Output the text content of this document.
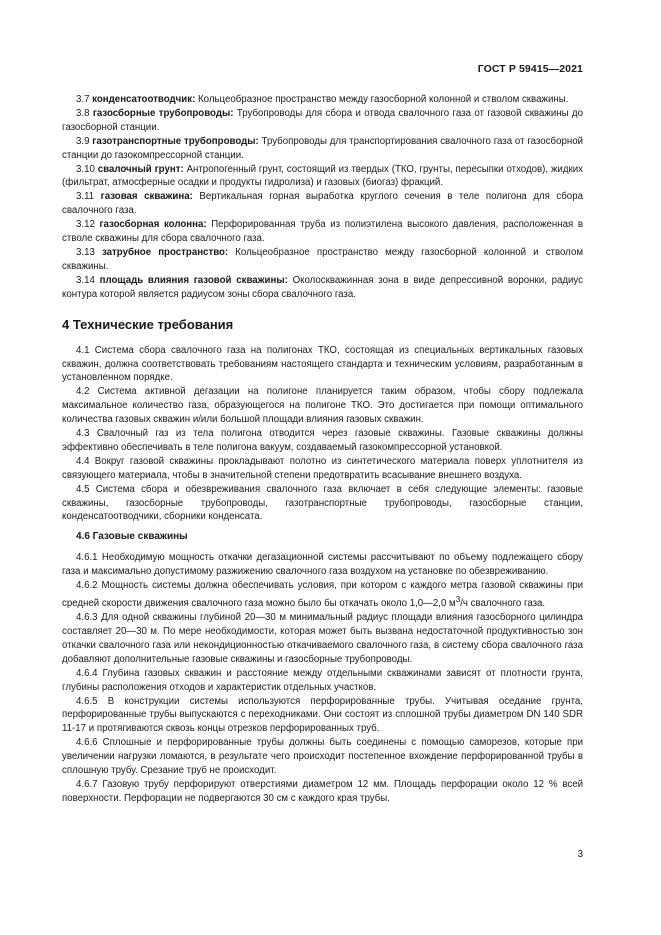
ГОСТ Р 59415—2021

3.7 конденсатоотводчик: Кольцеобразное пространство между газосборной колонной и стволом скважины.

3.8 газосборные трубопроводы: Трубопроводы для сбора и отвода свалочного газа от газовой скважины до газосборной станции.

3.9 газотранспортные трубопроводы: Трубопроводы для транспортирования свалочного газа от газосборной станции до газокомпрессорной станции.

3.10 свалочный грунт: Антропогенный грунт, состоящий из твердых (ТКО, грунты, пересыпки отходов), жидких (фильтрат, атмосферные осадки и продукты гидролиза) и газовых (биогаз) фракций.

3.11 газовая скважина: Вертикальная горная выработка круглого сечения в теле полигона для сбора свалочного газа.

3.12 газосборная колонна: Перфорированная труба из полиэтилена высокого давления, расположенная в стволе скважины для сбора свалочного газа.

3.13 затрубное пространство: Кольцеобразное пространство между газосборной колонной и стволом скважины.

3.14 площадь влияния газовой скважины: Околоскважинная зона в виде депрессивной воронки, радиус контура которой является радиусом зоны сбора свалочного газа.

4 Технические требования

4.1 Система сбора свалочного газа на полигонах ТКО, состоящая из специальных вертикальных газовых скважин, должна соответствовать требованиям настоящего стандарта и техническим условиям, разработанным в установленном порядке.

4.2 Система активной дегазации на полигоне планируется таким образом, чтобы сбору подлежала максимальное количество газа, образующегося на полигоне ТКО. Это достигается при помощи оптимального количества газовых скважин и/или большой площади влияния газовых скважин.

4.3 Свалочный газ из тела полигона отводится через газовые скважины. Газовые скважины должны эффективно обеспечивать в теле полигона вакуум, создаваемый газокомпрессорной установкой.

4.4 Вокруг газовой скважины прокладывают полотно из синтетического материала поверх уплотнителя из связующего материала, чтобы в значительной степени предотвратить всасывание внешнего воздуха.

4.5 Система сбора и обезвреживания свалочного газа включает в себя следующие элементы: газовые скважины, газосборные трубопроводы, газотранспортные трубопроводы, газосборные станции, конденсатоотводчики, сборники конденсата.

4.6 Газовые скважины

4.6.1 Необходимую мощность откачки дегазационной системы рассчитывают по объему подлежащего сбору газа и максимально допустимому разжижению свалочного газа воздухом на установке по обезвреживанию.

4.6.2 Мощность системы должна обеспечивать условия, при котором с каждого метра газовой скважины при средней скорости движения свалочного газа можно было бы откачать около 1,0—2,0 $м^3/ч$ свалочного газа.

4.6.3 Для одной скважины глубиной 20—30 м минимальный радиус площади влияния газосборного цилиндра составляет 20—30 м. По мере необходимости, которая может быть вызвана недостаточной продуктивностью зон откачки свалочного газа или некондиционностью откачиваемого свалочного газа, в систему сбора свалочного газа добавляют дополнительные газовые скважины и газосборные трубопроводы.

4.6.4 Глубина газовых скважин и расстояние между отдельными скважинами зависят от плотности грунта, глубины расположения отходов и характеристик отдельных участков.

4.6.5 В конструкции системы используются перфорированные трубы. Учитывая оседание грунта, перфорированные трубы выпускаются с переходниками. Они состоят из сплошной трубы диаметром DN 140 SDR 11-17 и протягиваются сквозь концы отрезков перфорированных труб.

4.6.6 Сплошные и перфорированные трубы должны быть соединены с помощью саморезов, которые при увеличении нагрузки ломаются, в результате чего происходит постепенное вхождение перфорированной трубы в сплошную трубу. Срезание труб не происходит.

4.6.7 Газовую трубу перфорируют отверстиями диаметром 12 мм. Площадь перфорации около 12 % всей поверхности. Перфорации не подвергаются 30 см с каждого края трубы.

3
